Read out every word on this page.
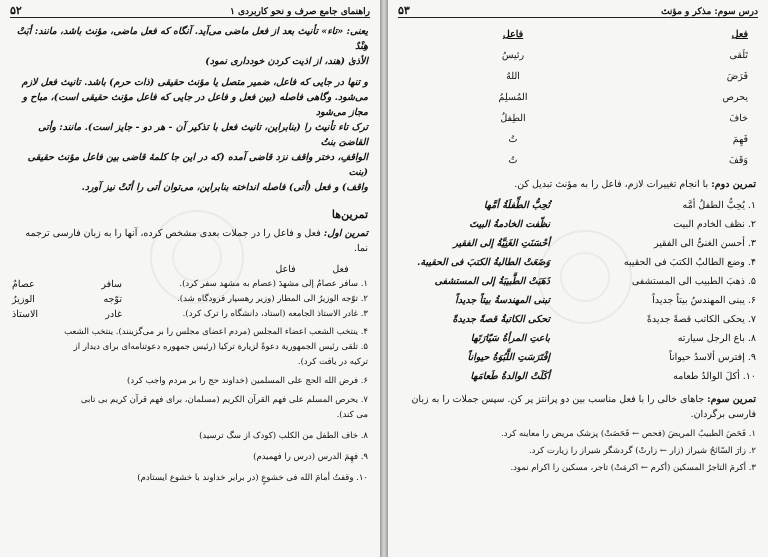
راهنمای جامع صرف و نحو کاربردی ۱
۵۲

یعنی: «تاء» تأنیث بعد از فعل ماضی می‌آید. آنگاه که فعل ماضی، مؤنث باشد، مانند: أبَتْ هِنْدٌ

الأذىٰ (هند، از اذیت کردن خودداری نمود)

و تنها در جایی که فاعل، ضمیر متصل یا مؤنث حقیقی (ذات حرم) باشد. تانیث فعل لازم

می‌شود. وگاهی فاصله (بین فعل و فاعل در جایی که فاعل مؤنث حقیقی است)، مباح و مجاز می‌شود

ترک تاء تأنیث را (بنابراین، تانیث فعل با تذکیر آن - هر دو - جایز است). مانند: وأتی القاضیَ بنتُ

الواقفِ، دختر واقف نزد قاضی آمده (که در این جا کلمهٔ قاضی بین فاعل مؤنث حقیقی (بنت

واقف) و فعل (أتی) فاصله انداخته بنابراین، می‌توان أتی را أتَتْ نیز آورد.

تمرین‌ها

تمرین اول: فعل و فاعل را در جملات بعدی مشخص کرده، آنها را به زبان فارسی ترجمه نما.

فعل
فاعل
۱. سافر عصامٌ إلی مشهدَ (عصام به مشهد سفر کرد).
سافر
عصامٌ
۲. توّجه الوزیرُ الی المطار (وزیر رهسپار فرودگاه شد).
توّجه
الوزیرُ
۳. غادر الاستاذ الجامعه (استاد، دانشگاه را ترک کرد).
غادر
الاستاذ

۴. ینتخب الشعب اعضاء المجلس (مردم اعضای مجلس را بر می‌گزینند). ینتخب الشعب

۵. تلقی رئیس الجمهوریة دعوةً لزیارة ترکیا (رئیس جمهوره دعوتنامه‌ای برای دیدار از

ترکیه در یافت کرد).

۶. فرض الله الحج علی المسلمین (خداوند حج را بر مردم واجب کرد)

۷. یحرص المسلم علی فهم القرآن الکریم (مسلمان، برای فهم قرآن کریم بی تابی

می کند).

۸. خاف الطفل من الکلب (کودک از سگ ترسید)

۹. فهِمَ الدرس (درس را فهمیدم)

۱۰. وقفتُ أمامَ الله فی خشوعٍ (در برابر خداوند با خشوع ایستادم)

درس سوم: مذکر و مؤنث
۵۳
فعل
فاعل
تَلَقی
رئیسُ
فَرَضَ
اللهُ
یحرص
المُسلِمُ
خافَ
الطِفلُ
فَهِمَ
تُ
وَقَفَ
تُ

تمرین دوم: با انجام تغییرات لازم، فاعل را به مؤنث تبدیل کن.

۱. یُحِبُّ الطفلُ أمَّه
تُحِبُّ الطِّفلَةُ أمَّها
۲. نظف الخادم البیت
نظّفت الخادمةُ البیتَ
۳. أحسن الغنیُّ الی الفقیر
أحْسَنَتِ الغَنِیَّةُ إلی الفقیر
۴. وضع الطالبُ الکتبَ فی الحقیبه
وَضَعَتْ الطالبةُ الکتبَ فی الحقیبة.
۵. ذهبَ الطبیب الی المستشفی
ذَهَبَتْ الطَّبیبَةُ إلی المستشفی
۶. یبنی المهندسُ بیتاً جدیداً
تبنی المهندسةُ بیتاً جدیداً
۷. یحکی الکاتب قصةً جدیدةً
تحکی الکاتبةُ قصةً جدیدةً
۸. باع الرجل سیارته
باعتِ المرأةُ سَیّارَتَها
۹. إفترس ألاسدُ حیواناً
إفْتَرَسَتِ اللَّبُوَةُ حیواناً
۱۰. أکلَ الوالدُ طعامه
أکَلَتْ الوالدةُ طَعامَها

تمرین سوم: جاهای خالی را با فعل مناسب بین دو پرانتز پر کن. سپس جملات را به زبان

فارسی برگردان.

۱. فَحَصَ الطبیبُ المریضَ (فحص ← فَحَصَتْ) پزشک مریض را معاینه کرد.

۲. زارَ السّائحُ شیراز (زار ← زارتْ) گردشگر شیراز را زیارت کرد.

۳. أکرمَ التاجرُ المسکین (أکرم ← اکرمَتْ) تاجر، مسکین را اکرام نمود.
